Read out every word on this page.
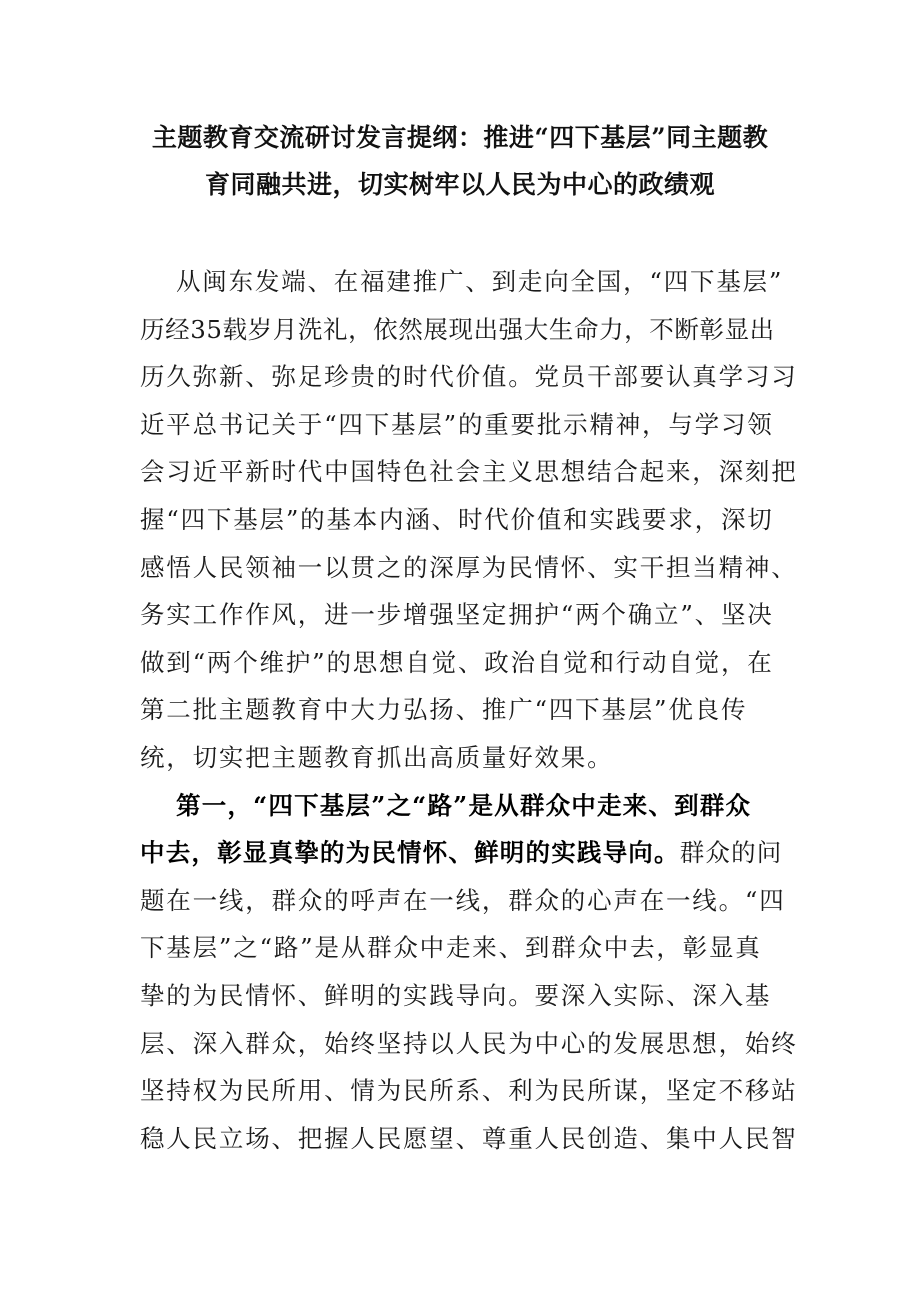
主题教育交流研讨发言提纲：推进“四下基层”同主题教
育同融共进，切实树牢以人民为中心的政绩观
从闽东发端、在福建推广、到走向全国，“四下基层”
历经35载岁月洗礼，依然展现出强大生命力，不断彰显出
历久弥新、弥足珍贵的时代价值。党员干部要认真学习习
近平总书记关于“四下基层”的重要批示精神，与学习领
会习近平新时代中国特色社会主义思想结合起来，深刻把
握“四下基层”的基本内涵、时代价值和实践要求，深切
感悟人民领袖一以贯之的深厚为民情怀、实干担当精神、
务实工作作风，进一步增强坚定拥护“两个确立”、坚决
做到“两个维护”的思想自觉、政治自觉和行动自觉，在
第二批主题教育中大力弘扬、推广“四下基层”优良传
统，切实把主题教育抓出高质量好效果。
第一，“四下基层”之“路”是从群众中走来、到群众
中去，彰显真挚的为民情怀、鲜明的实践导向。群众的问
题在一线，群众的呼声在一线，群众的心声在一线。“四
下基层”之“路”是从群众中走来、到群众中去，彰显真
挚的为民情怀、鲜明的实践导向。要深入实际、深入基
层、深入群众，始终坚持以人民为中心的发展思想，始终
坚持权为民所用、情为民所系、利为民所谋，坚定不移站
稳人民立场、把握人民愿望、尊重人民创造、集中人民智
